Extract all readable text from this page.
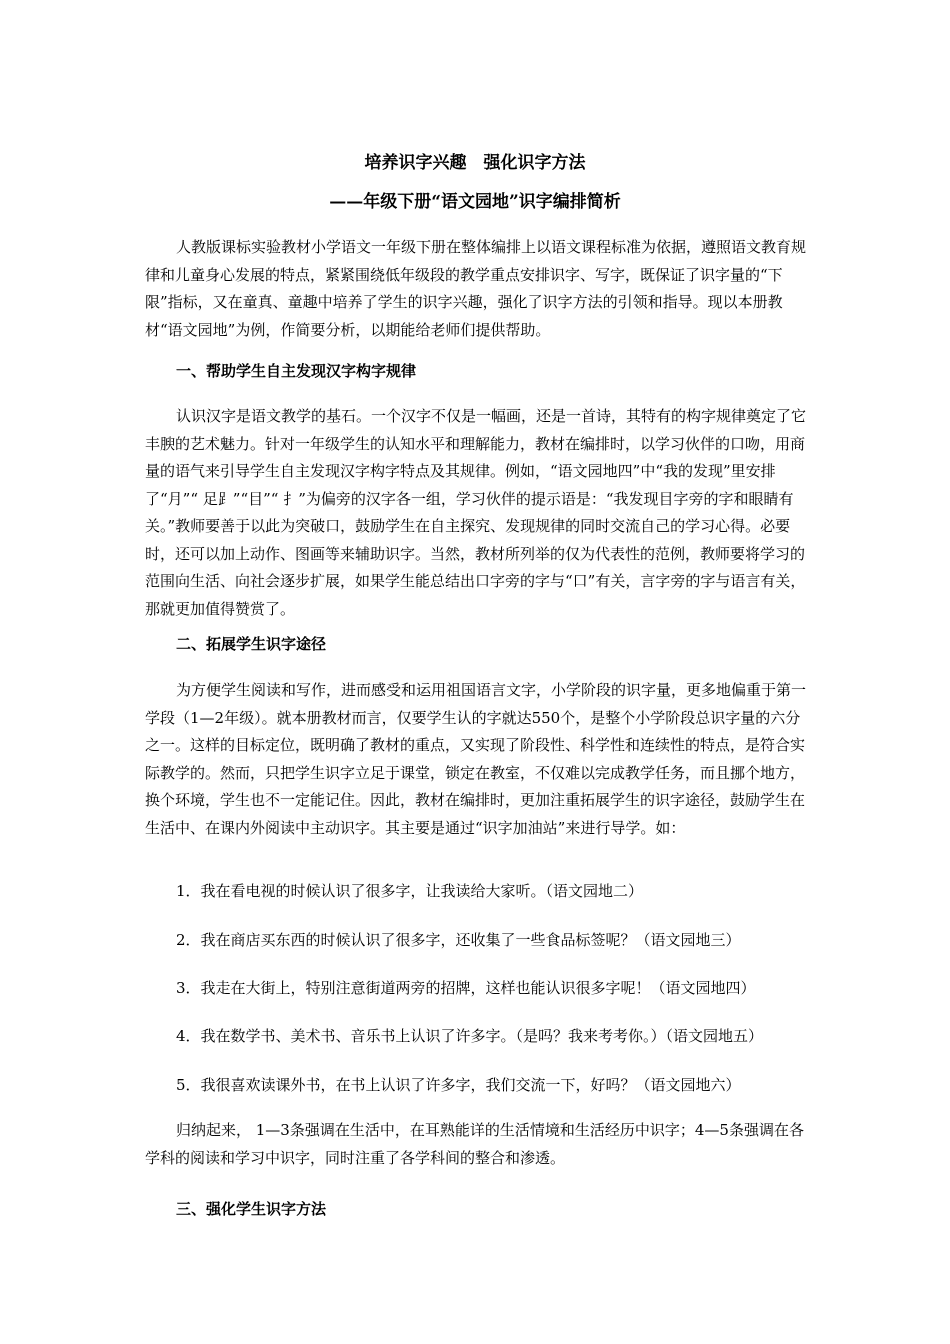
培养识字兴趣　强化识字方法
——年级下册“语文园地”识字编排简析

人教版课标实验教材小学语文一年级下册在整体编排上以语文课程标准为依据，遵照语文教育规律和儿童身心发展的特点，紧紧围绕低年级段的教学重点安排识字、写字，既保证了识字量的“下限”指标，又在童真、童趣中培养了学生的识字兴趣，强化了识字方法的引领和指导。现以本册教材“语文园地”为例，作简要分析，以期能给老师们提供帮助。

一、帮助学生自主发现汉字构字规律

认识汉字是语文教学的基石。一个汉字不仅是一幅画，还是一首诗，其特有的构字规律奠定了它丰腴的艺术魅力。针对一年级学生的认知水平和理解能力，教材在编排时，以学习伙伴的口吻，用商量的语气来引导学生自主发现汉字构字特点及其规律。例如，“语文园地四”中“我的发现”里安排了“月”“ 足⻊”“目”“ 扌”为偏旁的汉字各一组，学习伙伴的提示语是：“我发现目字旁的字和眼睛有关。”教师要善于以此为突破口，鼓励学生在自主探究、发现规律的同时交流自己的学习心得。必要时，还可以加上动作、图画等来辅助识字。当然，教材所列举的仅为代表性的范例，教师要将学习的范围向生活、向社会逐步扩展，如果学生能总结出口字旁的字与“口”有关，言字旁的字与语言有关，那就更加值得赞赏了。

二、拓展学生识字途径

为方便学生阅读和写作，进而感受和运用祖国语言文字，小学阶段的识字量，更多地偏重于第一学段（1—2年级）。就本册教材而言，仅要学生认的字就达550个，是整个小学阶段总识字量的六分之一。这样的目标定位，既明确了教材的重点，又实现了阶段性、科学性和连续性的特点，是符合实际教学的。然而，只把学生识字立足于课堂，锁定在教室，不仅难以完成教学任务，而且挪个地方，换个环境，学生也不一定能记住。因此，教材在编排时，更加注重拓展学生的识字途径，鼓励学生在生活中、在课内外阅读中主动识字。其主要是通过“识字加油站”来进行导学。如：

1．我在看电视的时候认识了很多字，让我读给大家听。（语文园地二）
2．我在商店买东西的时候认识了很多字，还收集了一些食品标签呢？（语文园地三）
3．我走在大街上，特别注意街道两旁的招牌，这样也能认识很多字呢！（语文园地四）
4．我在数学书、美术书、音乐书上认识了许多字。（是吗？我来考考你。）（语文园地五）
5．我很喜欢读课外书，在书上认识了许多字，我们交流一下，好吗？（语文园地六）

归纳起来， 1—3条强调在生活中，在耳熟能详的生活情境和生活经历中识字；4—5条强调在各学科的阅读和学习中识字，同时注重了各学科间的整合和渗透。

三、强化学生识字方法
